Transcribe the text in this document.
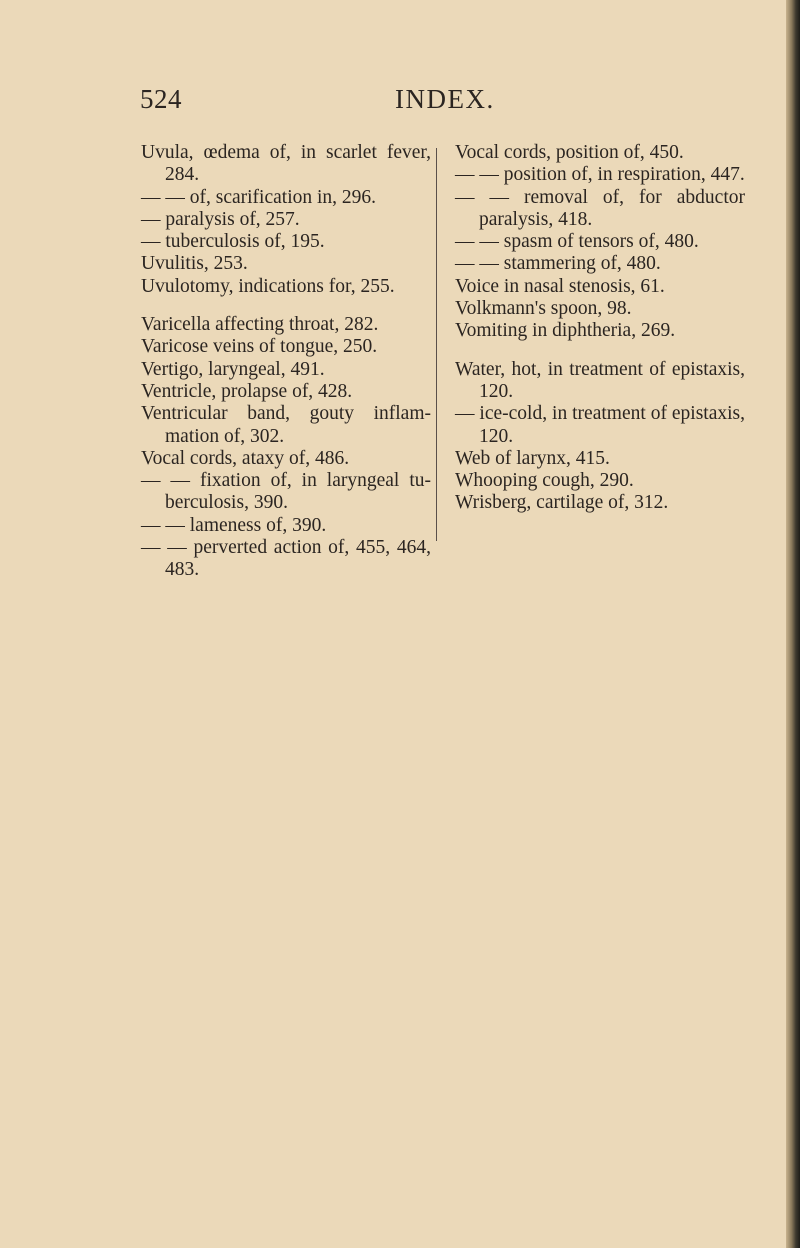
524	INDEX.

Uvula, œdema of, in scarlet fever, 284.

— — of, scarification in, 296.

— paralysis of, 257.

— tuberculosis of, 195.

Uvulitis, 253.

Uvulotomy, indications for, 255.

Varicella affecting throat, 282.

Varicose veins of tongue, 250.

Vertigo, laryngeal, 491.

Ventricle, prolapse of, 428.

Ventricular band, gouty inflammation of, 302.

Vocal cords, ataxy of, 486.

— — fixation of, in laryngeal tuberculosis, 390.

— — lameness of, 390.

— — perverted action of, 455, 464, 483.

Vocal cords, position of, 450.

— — position of, in respiration, 447.

— — removal of, for abductor paralysis, 418.

— — spasm of tensors of, 480.

— — stammering of, 480.

Voice in nasal stenosis, 61.

Volkmann's spoon, 98.

Vomiting in diphtheria, 269.

Water, hot, in treatment of epistaxis, 120.

— ice-cold, in treatment of epistaxis, 120.

Web of larynx, 415.

Whooping cough, 290.

Wrisberg, cartilage of, 312.
